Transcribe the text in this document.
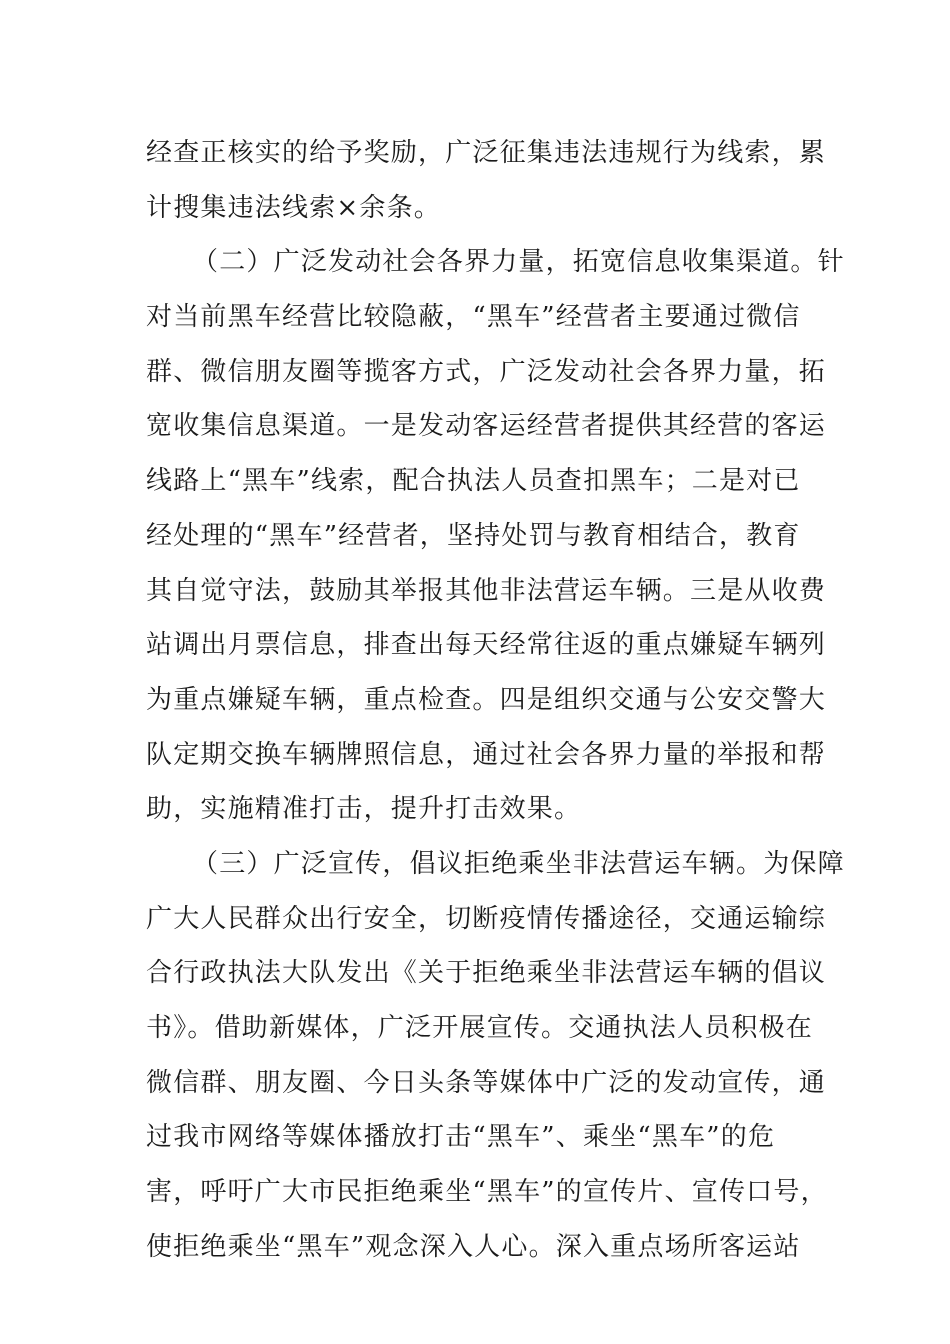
经查正核实的给予奖励，广泛征集违法违规行为线索，累
计搜集违法线索×余条。
（二）广泛发动社会各界力量，拓宽信息收集渠道。针
对当前黑车经营比较隐蔽，“黑车”经营者主要通过微信
群、微信朋友圈等揽客方式，广泛发动社会各界力量，拓
宽收集信息渠道。一是发动客运经营者提供其经营的客运
线路上“黑车”线索，配合执法人员查扣黑车；二是对已
经处理的“黑车”经营者，坚持处罚与教育相结合，教育
其自觉守法，鼓励其举报其他非法营运车辆。三是从收费
站调出月票信息，排查出每天经常往返的重点嫌疑车辆列
为重点嫌疑车辆，重点检查。四是组织交通与公安交警大
队定期交换车辆牌照信息，通过社会各界力量的举报和帮
助，实施精准打击，提升打击效果。
（三）广泛宣传，倡议拒绝乘坐非法营运车辆。为保障
广大人民群众出行安全，切断疫情传播途径，交通运输综
合行政执法大队发出《关于拒绝乘坐非法营运车辆的倡议
书》。借助新媒体，广泛开展宣传。交通执法人员积极在
微信群、朋友圈、今日头条等媒体中广泛的发动宣传，通
过我市网络等媒体播放打击“黑车”、乘坐“黑车”的危
害，呼吁广大市民拒绝乘坐“黑车”的宣传片、宣传口号，
使拒绝乘坐“黑车”观念深入人心。深入重点场所客运站
